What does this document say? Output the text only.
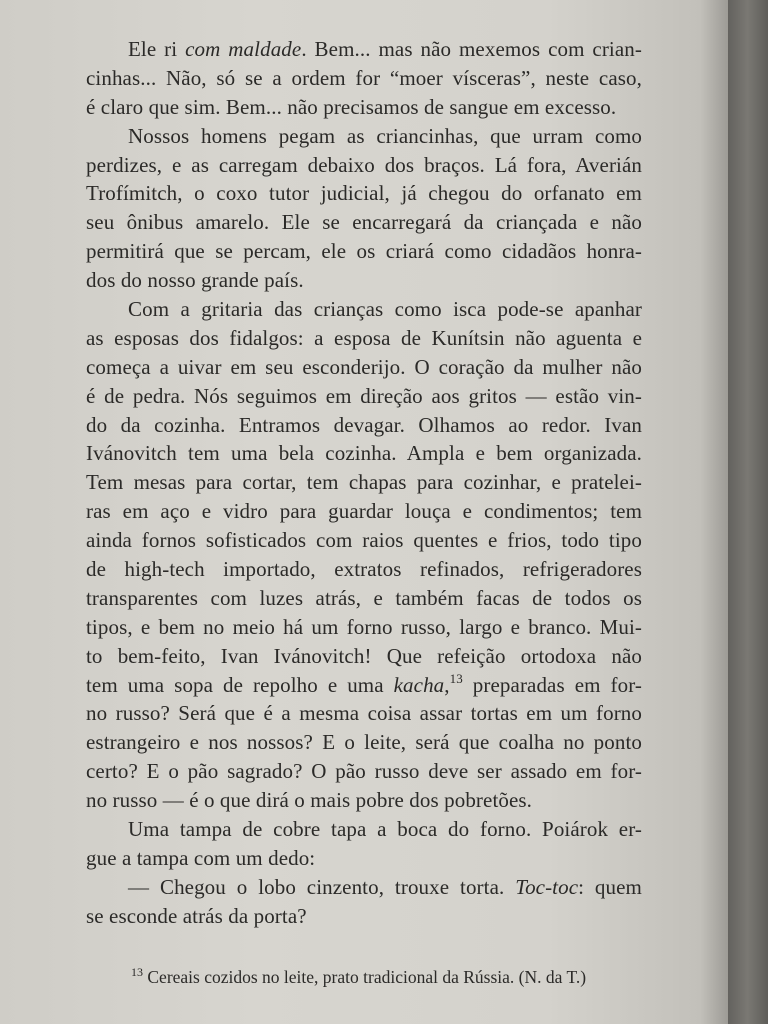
Ele ri com maldade. Bem... mas não mexemos com crian-
cinhas... Não, só se a ordem for “moer vísceras”, neste caso,
é claro que sim. Bem... não precisamos de sangue em excesso.
Nossos homens pegam as criancinhas, que urram como
perdizes, e as carregam debaixo dos braços. Lá fora, Averián
Trofímitch, o coxo tutor judicial, já chegou do orfanato em
seu ônibus amarelo. Ele se encarregará da criançada e não
permitirá que se percam, ele os criará como cidadãos honra-
dos do nosso grande país.
Com a gritaria das crianças como isca pode-se apanhar
as esposas dos fidalgos: a esposa de Kunítsin não aguenta e
começa a uivar em seu esconderijo. O coração da mulher não
é de pedra. Nós seguimos em direção aos gritos — estão vin-
do da cozinha. Entramos devagar. Olhamos ao redor. Ivan
Ivánovitch tem uma bela cozinha. Ampla e bem organizada.
Tem mesas para cortar, tem chapas para cozinhar, e pratelei-
ras em aço e vidro para guardar louça e condimentos; tem
ainda fornos sofisticados com raios quentes e frios, todo tipo
de high-tech importado, extratos refinados, refrigeradores
transparentes com luzes atrás, e também facas de todos os
tipos, e bem no meio há um forno russo, largo e branco. Mui-
to bem-feito, Ivan Ivánovitch! Que refeição ortodoxa não
tem uma sopa de repolho e uma kacha,$^{13}$ preparadas em for-
no russo? Será que é a mesma coisa assar tortas em um forno
estrangeiro e nos nossos? E o leite, será que coalha no ponto
certo? E o pão sagrado? O pão russo deve ser assado em for-
no russo — é o que dirá o mais pobre dos pobretões.
Uma tampa de cobre tapa a boca do forno. Poiárok er-
gue a tampa com um dedo:
— Chegou o lobo cinzento, trouxe torta. Toc-toc: quem
se esconde atrás da porta?
$^{13}$ Cereais cozidos no leite, prato tradicional da Rússia. (N. da T.)
